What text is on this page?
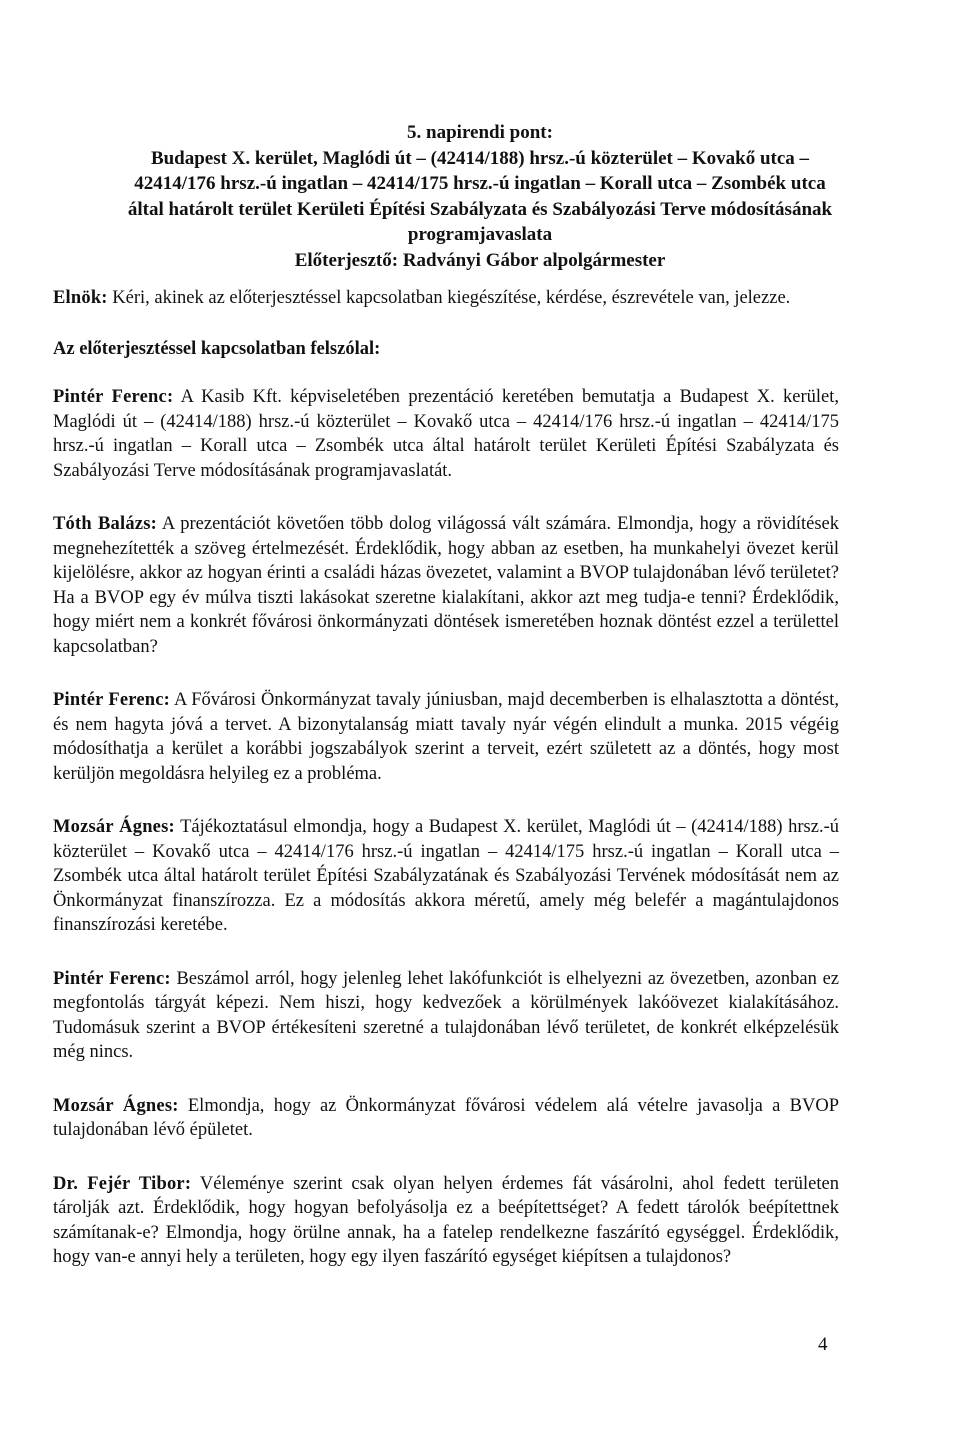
5. napirendi pont:
Budapest X. kerület, Maglódi út – (42414/188) hrsz.-ú közterület – Kovakő utca –
42414/176 hrsz.-ú ingatlan – 42414/175 hrsz.-ú ingatlan – Korall utca – Zsombék utca
által határolt terület Kerületi Építési Szabályzata és Szabályozási Terve módosításának
programjavaslata
Előterjesztő: Radványi Gábor alpolgármester

Elnök: Kéri, akinek az előterjesztéssel kapcsolatban kiegészítése, kérdése, észrevétele van, jelezze.

Az előterjesztéssel kapcsolatban felszólal:

Pintér Ferenc: A Kasib Kft. képviseletében prezentáció keretében bemutatja a Budapest X. kerület, Maglódi út – (42414/188) hrsz.-ú közterület – Kovakő utca – 42414/176 hrsz.-ú ingatlan – 42414/175 hrsz.-ú ingatlan – Korall utca – Zsombék utca által határolt terület Kerületi Építési Szabályzata és Szabályozási Terve módosításának programjavaslatát.

Tóth Balázs: A prezentációt követően több dolog világossá vált számára. Elmondja, hogy a rövidítések megnehezítették a szöveg értelmezését. Érdeklődik, hogy abban az esetben, ha munkahelyi övezet kerül kijelölésre, akkor az hogyan érinti a családi házas övezetet, valamint a BVOP tulajdonában lévő területet? Ha a BVOP egy év múlva tiszti lakásokat szeretne kialakítani, akkor azt meg tudja-e tenni? Érdeklődik, hogy miért nem a konkrét fővárosi önkormányzati döntések ismeretében hoznak döntést ezzel a területtel kapcsolatban?

Pintér Ferenc: A Fővárosi Önkormányzat tavaly júniusban, majd decemberben is elhalasztotta a döntést, és nem hagyta jóvá a tervet. A bizonytalanság miatt tavaly nyár végén elindult a munka. 2015 végéig módosíthatja a kerület a korábbi jogszabályok szerint a terveit, ezért született az a döntés, hogy most kerüljön megoldásra helyileg ez a probléma.

Mozsár Ágnes: Tájékoztatásul elmondja, hogy a Budapest X. kerület, Maglódi út – (42414/188) hrsz.-ú közterület – Kovakő utca – 42414/176 hrsz.-ú ingatlan – 42414/175 hrsz.-ú ingatlan – Korall utca – Zsombék utca által határolt terület Építési Szabályzatának és Szabályozási Tervének módosítását nem az Önkormányzat finanszírozza. Ez a módosítás akkora méretű, amely még belefér a magántulajdonos finanszírozási keretébe.

Pintér Ferenc: Beszámol arról, hogy jelenleg lehet lakófunkciót is elhelyezni az övezetben, azonban ez megfontolás tárgyát képezi. Nem hiszi, hogy kedvezőek a körülmények lakóövezet kialakításához. Tudomásuk szerint a BVOP értékesíteni szeretné a tulajdonában lévő területet, de konkrét elképzelésük még nincs.

Mozsár Ágnes: Elmondja, hogy az Önkormányzat fővárosi védelem alá vételre javasolja a BVOP tulajdonában lévő épületet.

Dr. Fejér Tibor: Véleménye szerint csak olyan helyen érdemes fát vásárolni, ahol fedett területen tárolják azt. Érdeklődik, hogy hogyan befolyásolja ez a beépítettséget? A fedett tárolók beépítettnek számítanak-e? Elmondja, hogy örülne annak, ha a fatelep rendelkezne faszárító egységgel. Érdeklődik, hogy van-e annyi hely a területen, hogy egy ilyen faszárító egységet kiépítsen a tulajdonos?

4
